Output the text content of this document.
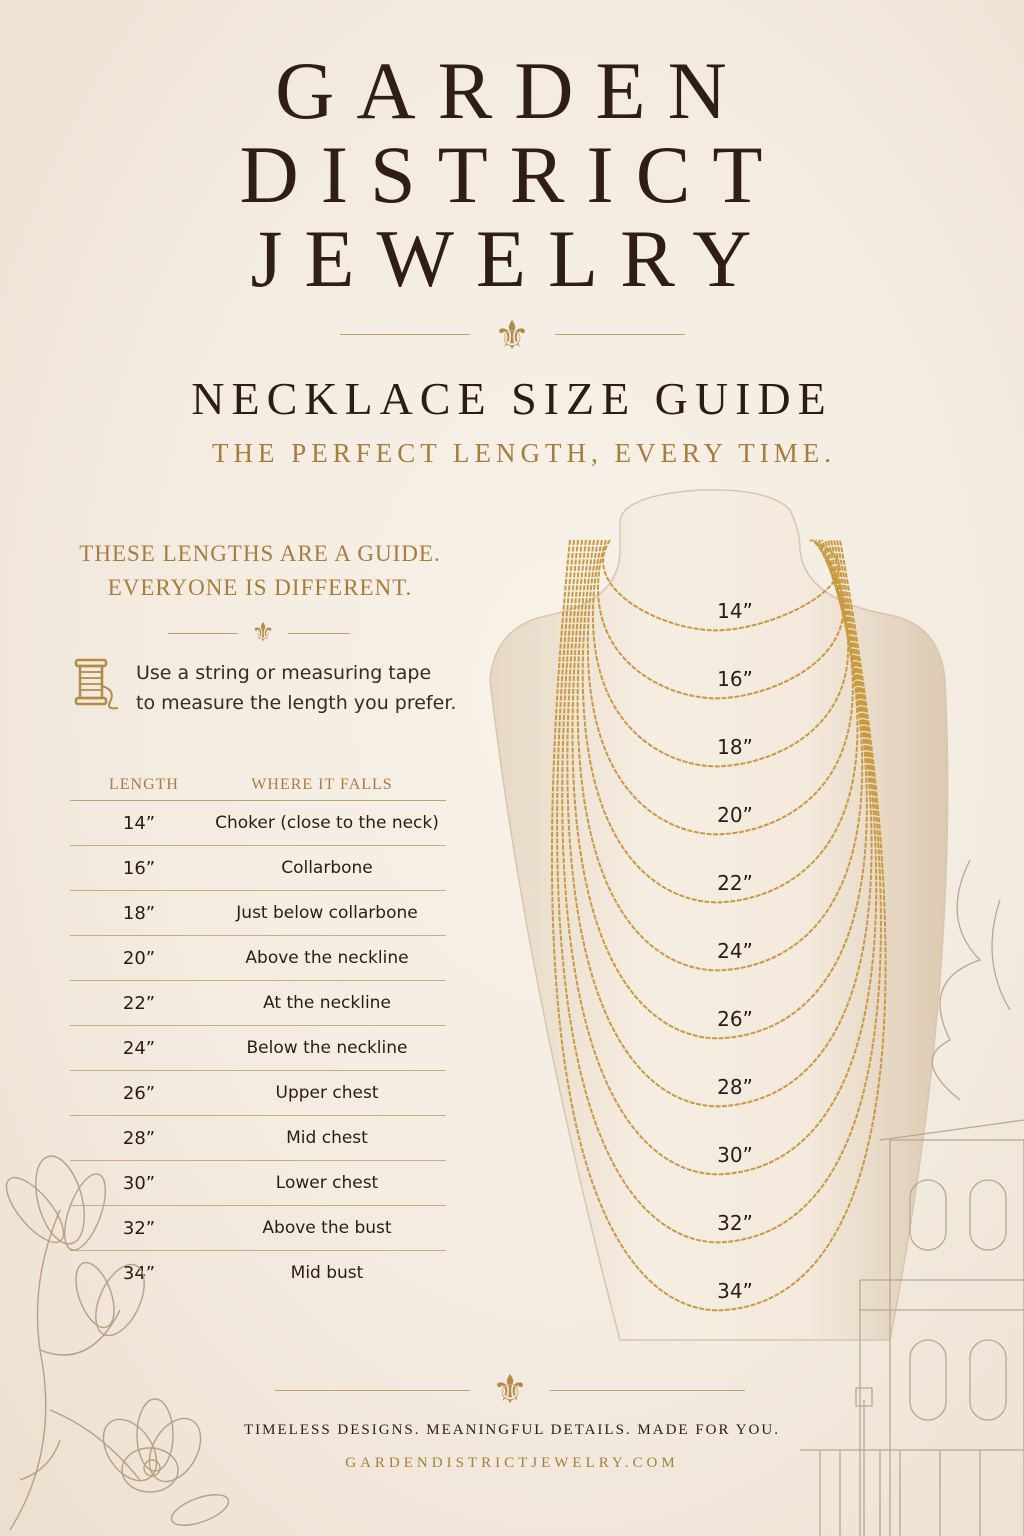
GARDEN
DISTRICT
JEWELRY
⚜
NECKLACE SIZE GUIDE
THE PERFECT LENGTH, EVERY TIME.
THESE LENGTHS ARE A GUIDE.
EVERYONE IS DIFFERENT.
⚜
Use a string or measuring tape
to measure the length you prefer.
LENGTH	WHERE IT FALLS
14”	Choker (close to the neck)
16”	Collarbone
18”	Just below collarbone
20”	Above the neckline
22”	At the neckline
24”	Below the neckline
26”	Upper chest
28”	Mid chest
30”	Lower chest
32”	Above the bust
34”	Mid bust
14”
16”
18”
20”
22”
24”
26”
28”
30”
32”
34”
⚜
TIMELESS DESIGNS. MEANINGFUL DETAILS. MADE FOR YOU.
GARDENDISTRICTJEWELRY.COM
